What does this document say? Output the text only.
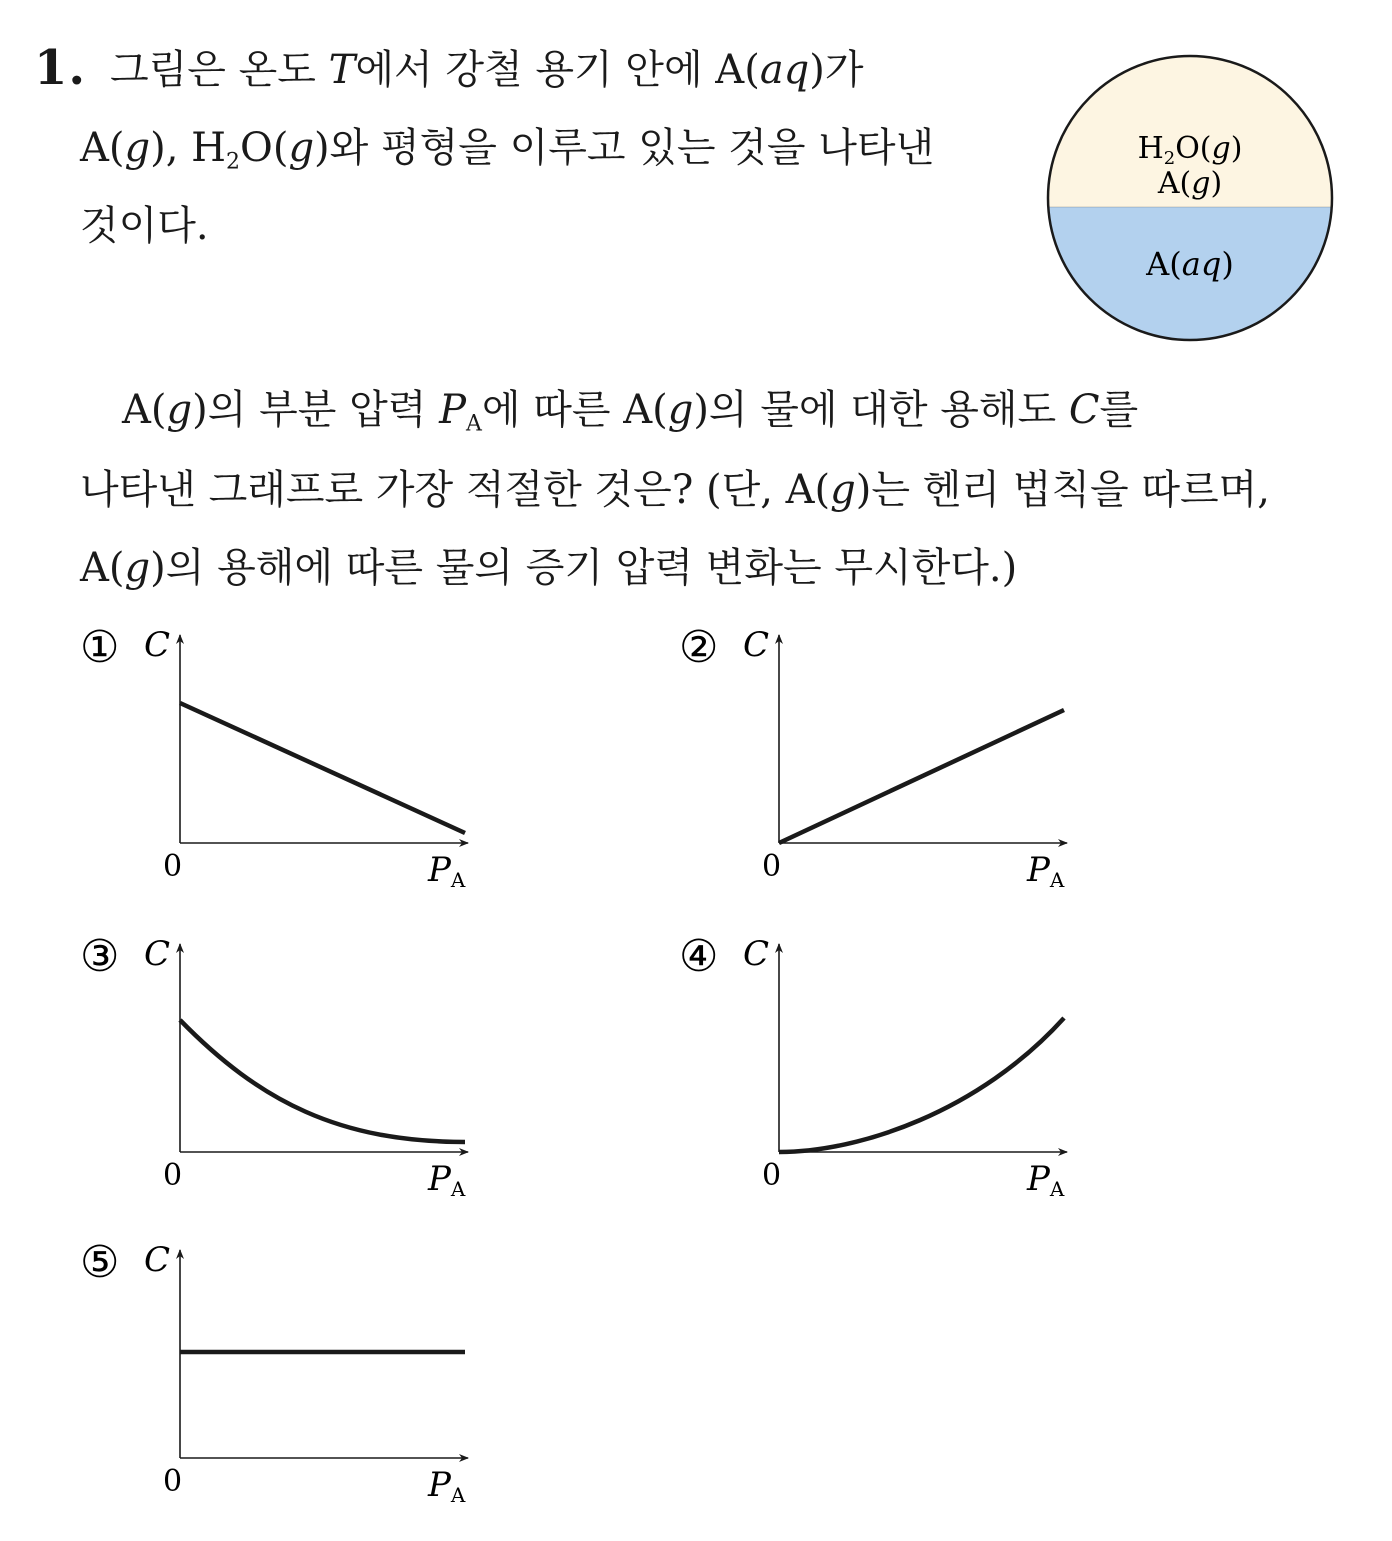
1. 그림은 온도 T에서 강철 용기 안에 A(aq)가
A(g), $H_2O(g)$와 평형을 이루고 있는 것을 나타낸
것이다.
A(g)의 부분 압력 $P_A$에 따른 A(g)의 물에 대한 용해도 C를
나타낸 그래프로 가장 적절한 것은? (단, A(g)는 헨리 법칙을 따르며,
A(g)의 용해에 따른 물의 증기 압력 변화는 무시한다.)
$H_2O(g)$
A(g)
A(aq)
① C
0	PA
② C
0	PA
③ C
0	PA
④ C
0	PA
⑤ C
0	PA
